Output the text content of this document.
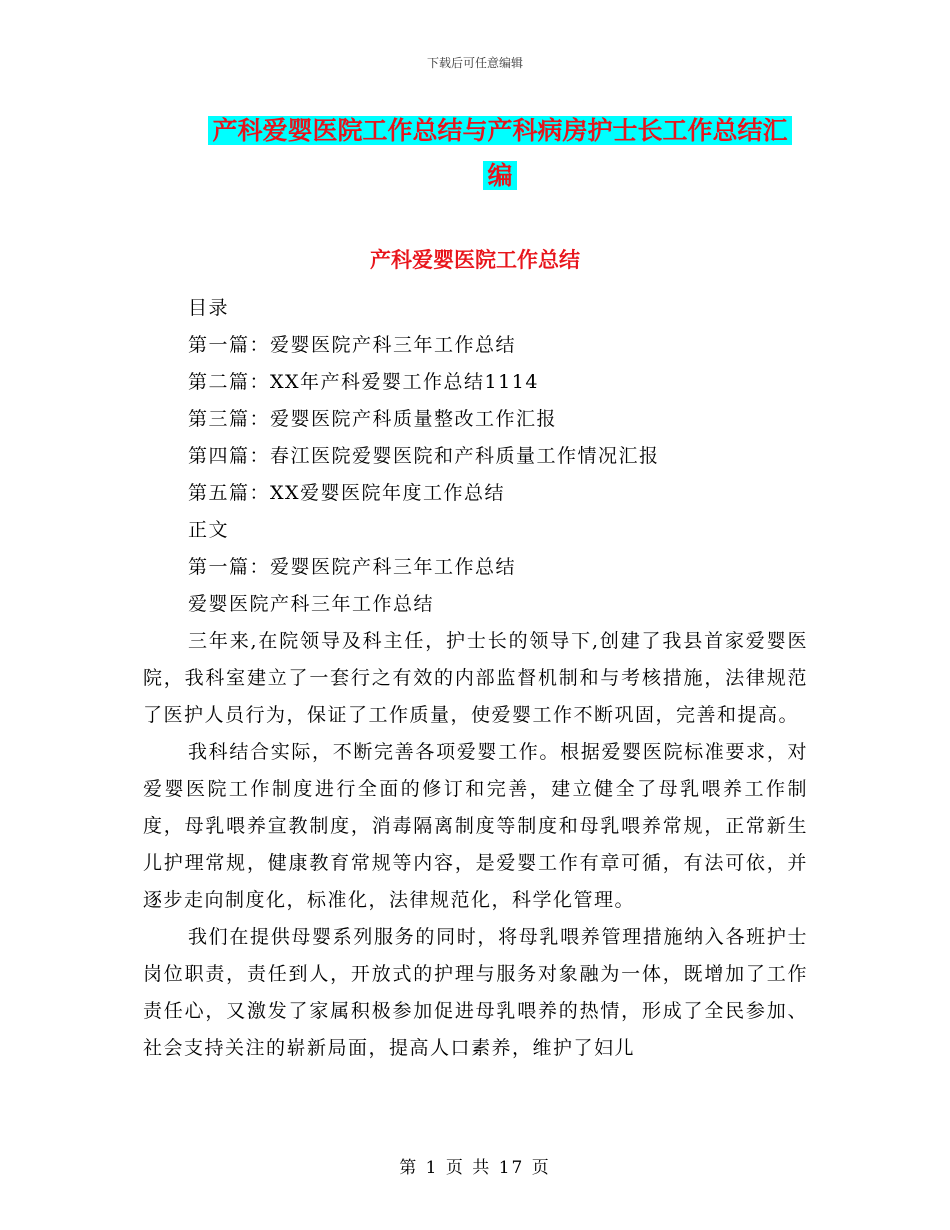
下载后可任意编辑
产科爱婴医院工作总结与产科病房护士长工作总结汇
编
产科爱婴医院工作总结
目录
第一篇：爱婴医院产科三年工作总结
第二篇：XX年产科爱婴工作总结1114
第三篇：爱婴医院产科质量整改工作汇报
第四篇：春江医院爱婴医院和产科质量工作情况汇报
第五篇：XX爱婴医院年度工作总结
正文
第一篇：爱婴医院产科三年工作总结
爱婴医院产科三年工作总结

三年来,在院领导及科主任，护士长的领导下,创建了我县首家爱婴医院，我科室建立了一套行之有效的内部监督机制和与考核措施，法律规范了医护人员行为，保证了工作质量，使爱婴工作不断巩固，完善和提高。

我科结合实际，不断完善各项爱婴工作。根据爱婴医院标准要求，对爱婴医院工作制度进行全面的修订和完善，建立健全了母乳喂养工作制度，母乳喂养宣教制度，消毒隔离制度等制度和母乳喂养常规，正常新生儿护理常规，健康教育常规等内容，是爱婴工作有章可循，有法可依，并逐步走向制度化，标准化，法律规范化，科学化管理。

我们在提供母婴系列服务的同时，将母乳喂养管理措施纳入各班护士岗位职责，责任到人，开放式的护理与服务对象融为一体，既增加了工作责任心，又激发了家属积极参加促进母乳喂养的热情，形成了全民参加、社会支持关注的崭新局面，提高人口素养，维护了妇儿

第 1 页 共 17 页
